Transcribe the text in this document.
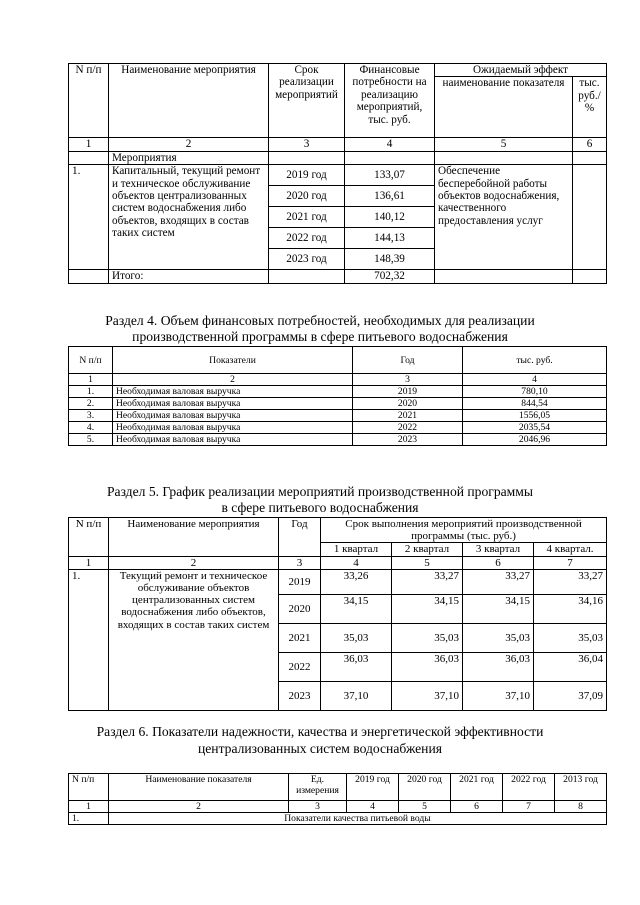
N п/п	Наименование мероприятия	Срок реализации мероприятий	Финансовые потребности на реализацию мероприятий, тыс. руб.	Ожидаемый эффект	
				наименование показателя	тыс. руб./ %
1	2	3	4	5	6
	Мероприятия				
1.	Капитальный, текущий ремонт и техническое обслуживание объектов централизованных систем водоснабжения либо объектов, входящих в состав таких систем	2019 год	133,07	Обеспечение бесперебойной работы объектов водоснабжения, качественного предоставления услуг	
		2020 год	136,61		
		2021 год	140,12		
		2022 год	144,13		
		2023 год	148,39		
	Итого:		702,32		
Раздел 4. Объем финансовых потребностей, необходимых для реализации
производственной программы в сфере питьевого водоснабжения
N п/п	Показатели	Год	тыс. руб.
1	2	3	4
1.	Необходимая валовая выручка	2019	780,10
2.	Необходимая валовая выручка	2020	844,54
3.	Необходимая валовая выручка	2021	1556,05
4.	Необходимая валовая выручка	2022	2035,54
5.	Необходимая валовая выручка	2023	2046,96
Раздел 5. График реализации мероприятий производственной программы
в сфере питьевого водоснабжения
N п/п	Наименование мероприятия	Год	Срок выполнения мероприятий производственной программы (тыс. руб.)			
			1 квартал	2 квартал	3 квартал	4 квартал.
1	2	3	4	5	6	7
1.	Текущий ремонт и техническое обслуживание объектов централизованных систем водоснабжения либо объектов, входящих в состав таких систем	2019	33,26	33,27	33,27	33,27
		2020	34,15	34,15	34,15	34,16
		2021	35,03	35,03	35,03	35,03
		2022	36,03	36,03	36,03	36,04
		2023	37,10	37,10	37,10	37,09
Раздел 6. Показатели надежности, качества и энергетической эффективности
централизованных систем водоснабжения
N п/п	Наименование показателя	Ед. измерения	2019 год	2020 год	2021 год	2022 год	2013 год
1	2	3	4	5	6	7	8
1.	Показатели качества питьевой воды						
